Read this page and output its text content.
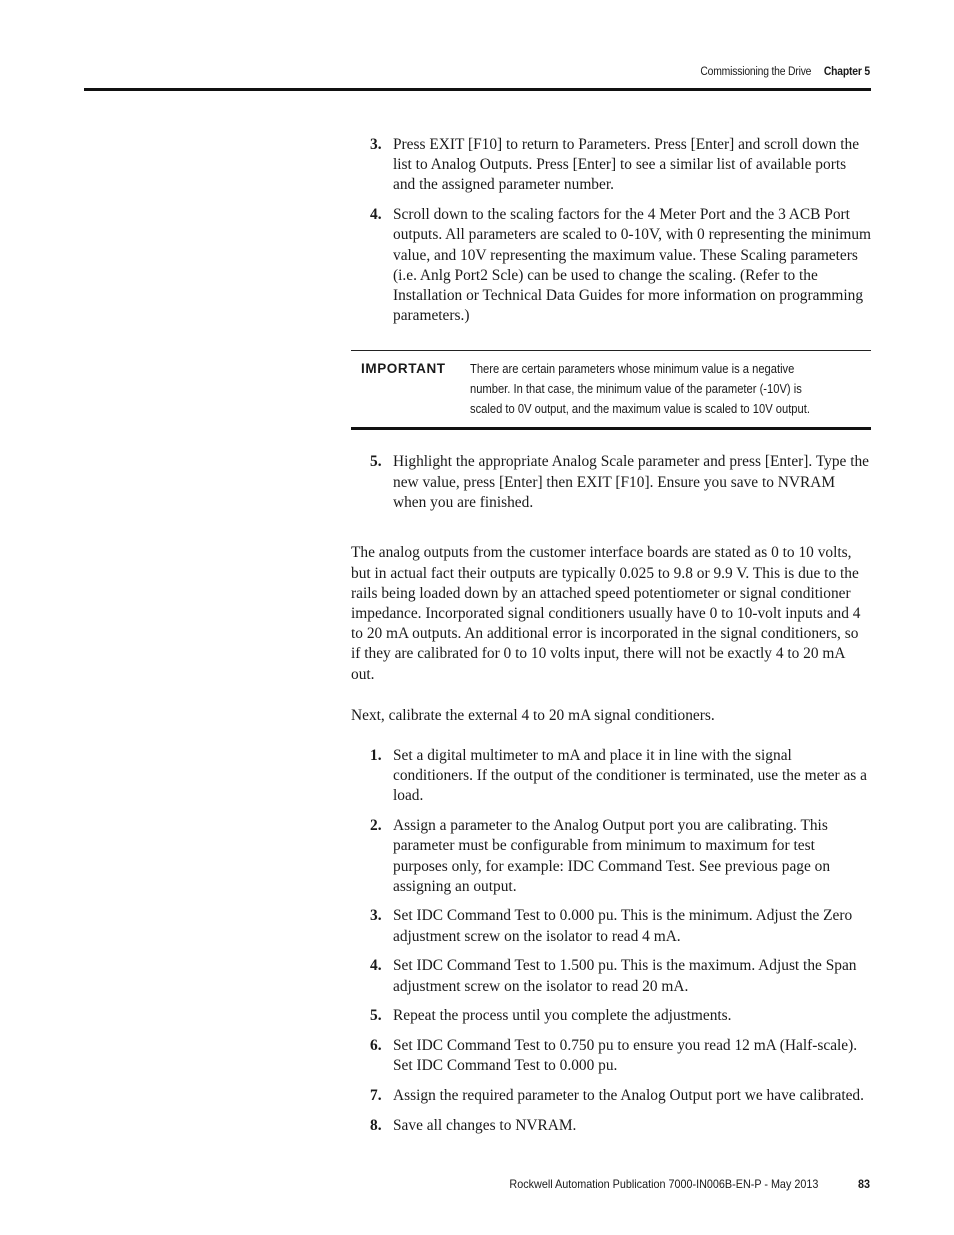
Commissioning the Drive Chapter 5
3. Press EXIT [F10] to return to Parameters. Press [Enter] and scroll down the list to Analog Outputs. Press [Enter] to see a similar list of available ports and the assigned parameter number.
4. Scroll down to the scaling factors for the 4 Meter Port and the 3 ACB Port outputs. All parameters are scaled to 0-10V, with 0 representing the minimum value, and 10V representing the maximum value. These Scaling parameters (i.e. Anlg Port2 Scle) can be used to change the scaling. (Refer to the Installation or Technical Data Guides for more information on programming parameters.)
IMPORTANT	There are certain parameters whose minimum value is a negative number. In that case, the minimum value of the parameter (-10V) is scaled to 0V output, and the maximum value is scaled to 10V output.
5. Highlight the appropriate Analog Scale parameter and press [Enter]. Type the new value, press [Enter] then EXIT [F10]. Ensure you save to NVRAM when you are finished.

The analog outputs from the customer interface boards are stated as 0 to 10 volts, but in actual fact their outputs are typically 0.025 to 9.8 or 9.9 V. This is due to the rails being loaded down by an attached speed potentiometer or signal conditioner impedance. Incorporated signal conditioners usually have 0 to 10-volt inputs and 4 to 20 mA outputs. An additional error is incorporated in the signal conditioners, so if they are calibrated for 0 to 10 volts input, there will not be exactly 4 to 20 mA out.

Next, calibrate the external 4 to 20 mA signal conditioners.

1. Set a digital multimeter to mA and place it in line with the signal conditioners. If the output of the conditioner is terminated, use the meter as a load.
2. Assign a parameter to the Analog Output port you are calibrating. This parameter must be configurable from minimum to maximum for test purposes only, for example: IDC Command Test. See previous page on assigning an output.
3. Set IDC Command Test to 0.000 pu. This is the minimum. Adjust the Zero adjustment screw on the isolator to read 4 mA.
4. Set IDC Command Test to 1.500 pu. This is the maximum. Adjust the Span adjustment screw on the isolator to read 20 mA.
5. Repeat the process until you complete the adjustments.
6. Set IDC Command Test to 0.750 pu to ensure you read 12 mA (Half-scale). Set IDC Command Test to 0.000 pu.
7. Assign the required parameter to the Analog Output port we have calibrated.
8. Save all changes to NVRAM.
Rockwell Automation Publication 7000-IN006B-EN-P - May 2013	83
